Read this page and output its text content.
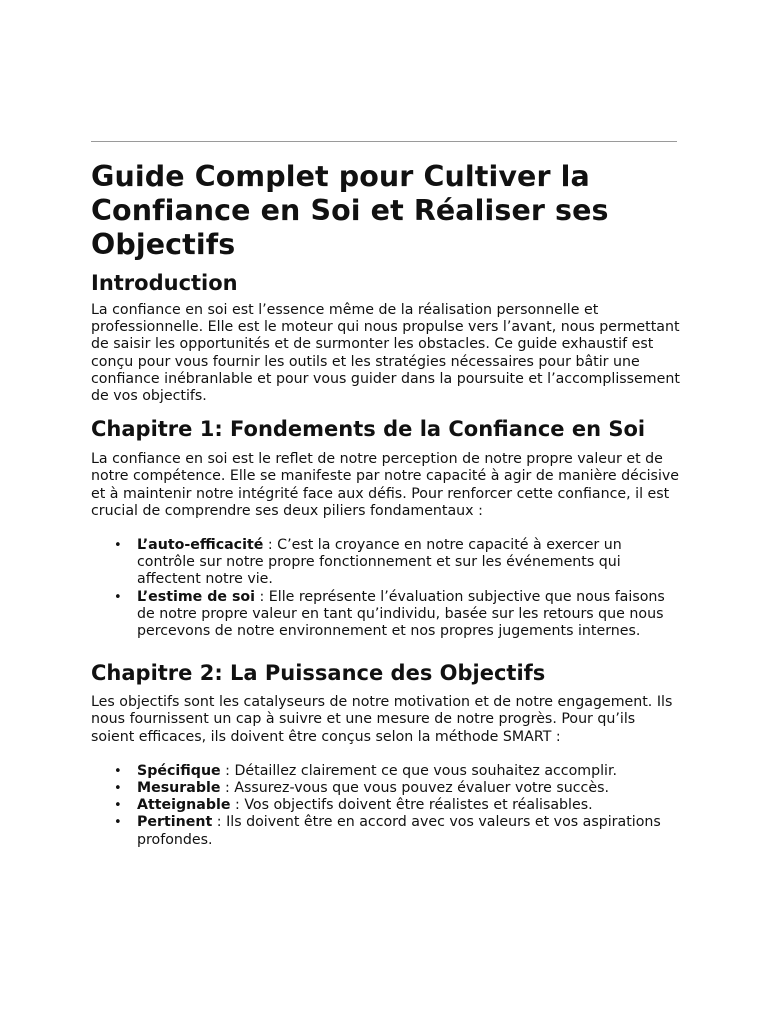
Guide Complet pour Cultiver la Confiance en Soi et Réaliser ses Objectifs
Introduction

La confiance en soi est l’essence même de la réalisation personnelle et professionnelle. Elle est le moteur qui nous propulse vers l’avant, nous permettant de saisir les opportunités et de surmonter les obstacles. Ce guide exhaustif est conçu pour vous fournir les outils et les stratégies nécessaires pour bâtir une confiance inébranlable et pour vous guider dans la poursuite et l’accomplissement de vos objectifs.

Chapitre 1: Fondements de la Confiance en Soi

La confiance en soi est le reflet de notre perception de notre propre valeur et de notre compétence. Elle se manifeste par notre capacité à agir de manière décisive et à maintenir notre intégrité face aux défis. Pour renforcer cette confiance, il est crucial de comprendre ses deux piliers fondamentaux :

• L’auto-efficacité : C’est la croyance en notre capacité à exercer un contrôle sur notre propre fonctionnement et sur les événements qui affectent notre vie.
• L’estime de soi : Elle représente l’évaluation subjective que nous faisons de notre propre valeur en tant qu’individu, basée sur les retours que nous percevons de notre environnement et nos propres jugements internes.
Chapitre 2: La Puissance des Objectifs

Les objectifs sont les catalyseurs de notre motivation et de notre engagement. Ils nous fournissent un cap à suivre et une mesure de notre progrès. Pour qu’ils soient efficaces, ils doivent être conçus selon la méthode SMART :

• Spécifique : Détaillez clairement ce que vous souhaitez accomplir.
• Mesurable : Assurez-vous que vous pouvez évaluer votre succès.
• Atteignable : Vos objectifs doivent être réalistes et réalisables.
• Pertinent : Ils doivent être en accord avec vos valeurs et vos aspirations profondes.
